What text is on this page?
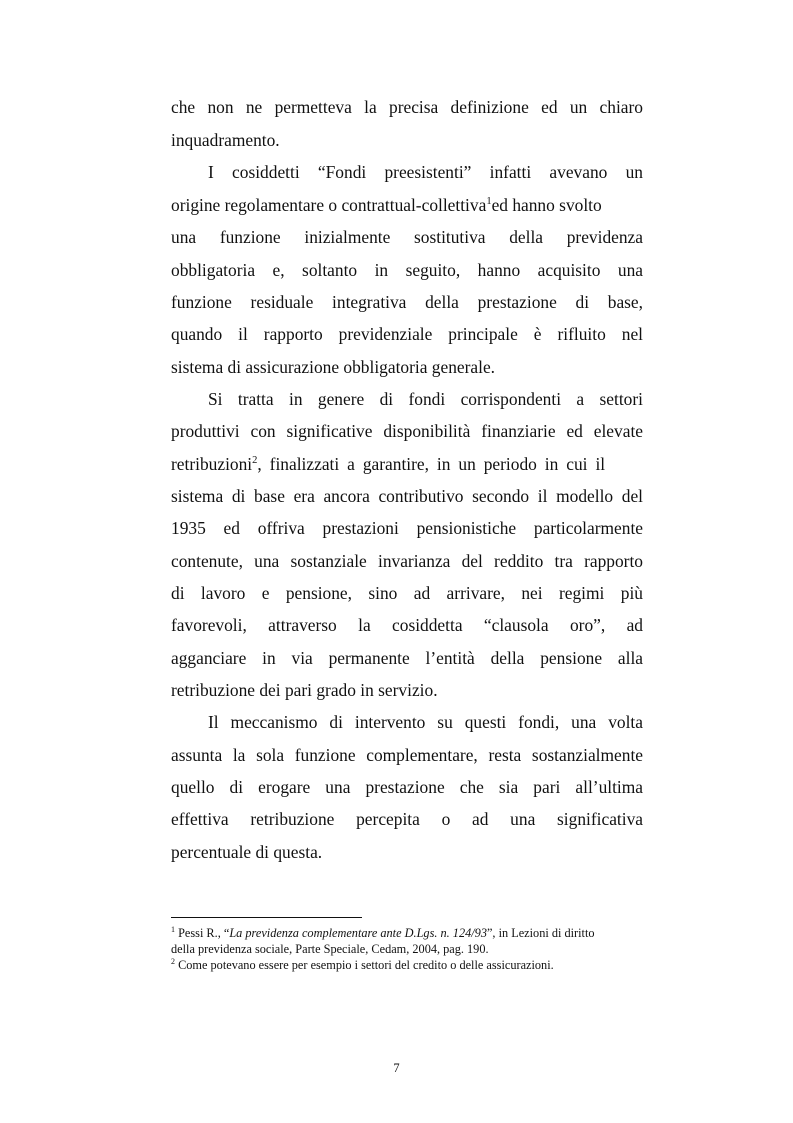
che non ne permetteva la precisa definizione ed un chiaro

inquadramento.

I cosiddetti “Fondi preesistenti” infatti avevano un

origine regolamentare o contrattual-collettiva$^1$ed hanno svolto

una funzione inizialmente sostitutiva della previdenza

obbligatoria e, soltanto in seguito, hanno acquisito una

funzione residuale integrativa della prestazione di base,

quando il rapporto previdenziale principale è rifluito nel

sistema di assicurazione obbligatoria generale.

Si tratta in genere di fondi corrispondenti a settori

produttivi con significative disponibilità finanziarie ed elevate

retribuzioni$^2$, finalizzati a garantire, in un periodo in cui il

sistema di base era ancora contributivo secondo il modello del

1935 ed offriva prestazioni pensionistiche particolarmente

contenute, una sostanziale invarianza del reddito tra rapporto

di lavoro e pensione, sino ad arrivare, nei regimi più

favorevoli, attraverso la cosiddetta “clausola oro”, ad

agganciare in via permanente l’entità della pensione alla

retribuzione dei pari grado in servizio.

Il meccanismo di intervento su questi fondi, una volta

assunta la sola funzione complementare, resta sostanzialmente

quello di erogare una prestazione che sia pari all’ultima

effettiva retribuzione percepita o ad una significativa

percentuale di questa.

$^1$ Pessi R., “La previdenza complementare ante D.Lgs. n. 124/93”, in Lezioni di diritto

della previdenza sociale, Parte Speciale, Cedam, 2004, pag. 190.

$^2$ Come potevano essere per esempio i settori del credito o delle assicurazioni.

7
